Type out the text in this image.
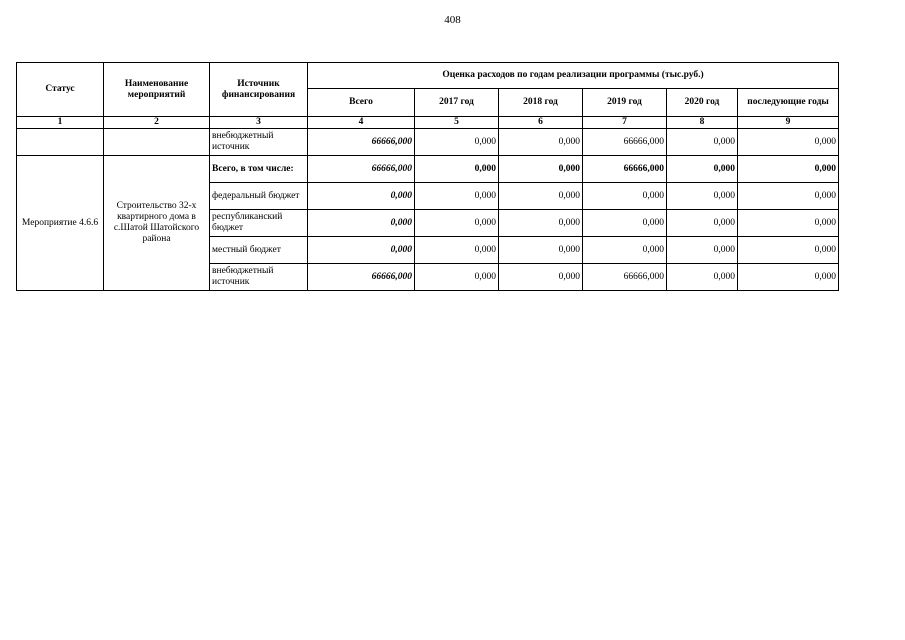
408
Статус	Наименование мероприятий	Источник финансирования	Оценка расходов по годам реализации программы (тыс.руб.)					
			Всего	2017 год	2018 год	2019 год	2020 год	последующие годы
1	2	3	4	5	6	7	8	9
		внебюджетный источник	66666,000	0,000	0,000	66666,000	0,000	0,000
Мероприятие 4.6.6	Строительство 32-х квартирного дома в с.Шатой Шатойского района	Всего, в том числе:	66666,000	0,000	0,000	66666,000	0,000	0,000
		федеральный бюджет	0,000	0,000	0,000	0,000	0,000	0,000
		республиканский бюджет	0,000	0,000	0,000	0,000	0,000	0,000
		местный бюджет	0,000	0,000	0,000	0,000	0,000	0,000
		внебюджетный источник	66666,000	0,000	0,000	66666,000	0,000	0,000
